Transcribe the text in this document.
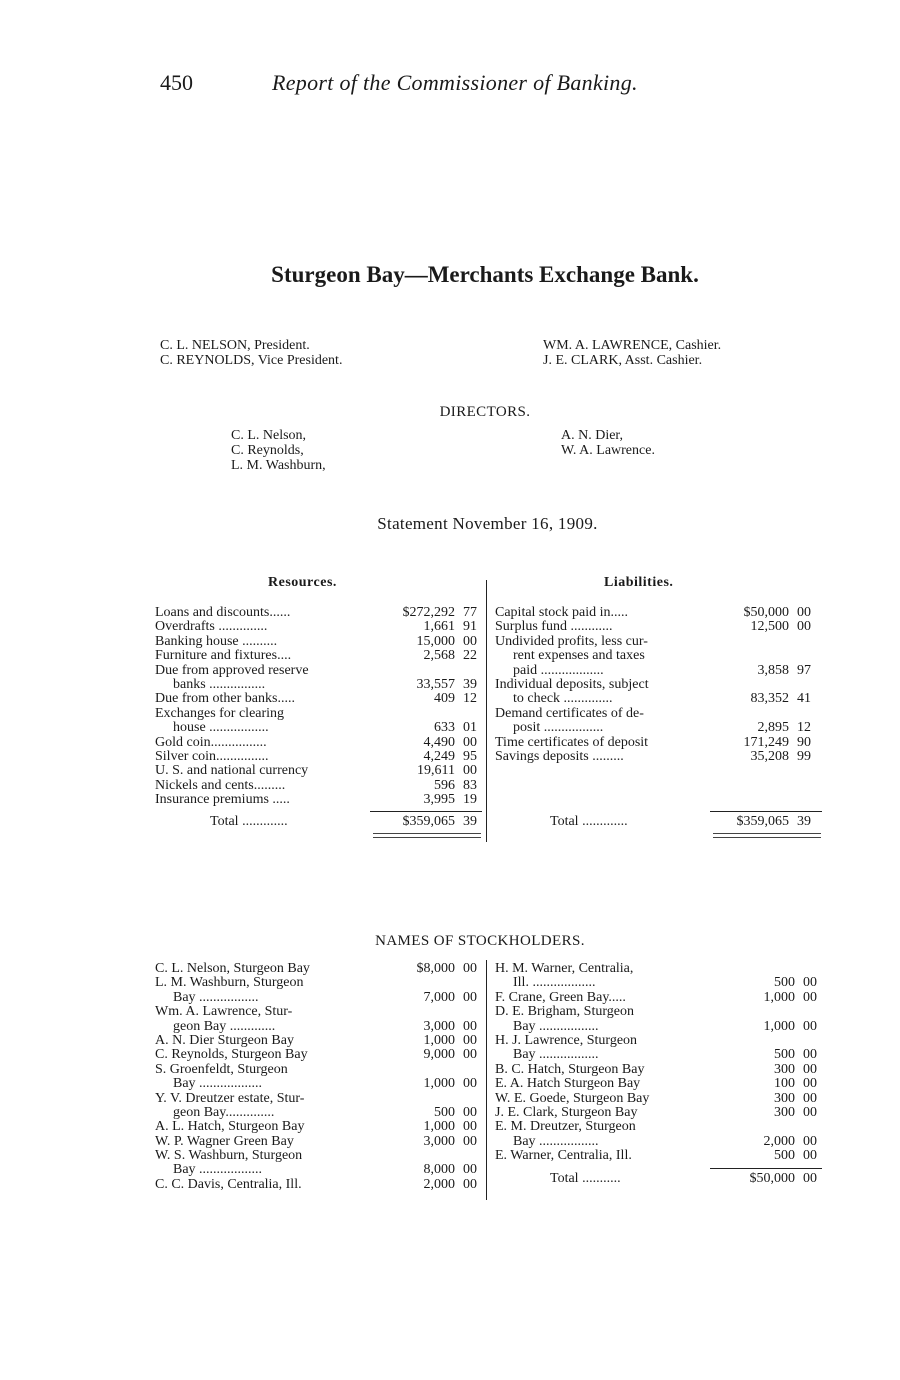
450	Report of the Commissioner of Banking.
Sturgeon Bay—Merchants Exchange Bank.
C. L. NELSON, President.
C. REYNOLDS, Vice President.
WM. A. LAWRENCE, Cashier.
J. E. CLARK, Asst. Cashier.
DIRECTORS.
C. L. Nelson,
C. Reynolds,
L. M. Washburn,
A. N. Dier,
W. A. Lawrence.
Statement November 16, 1909.
Resources.	Liabilities.
Loans and discounts......	$272,292 77
Overdrafts ..............	1,661 91
Banking house ..........	15,000 00
Furniture and fixtures....	2,568 22
Due from approved reserve
banks ................	33,557 39
Due from other banks.....	409 12
Exchanges for clearing
house .................	633 01
Gold coin................	4,490 00
Silver coin...............	4,249 95
U. S. and national currency	19,611 00
Nickels and cents.........	596 83
Insurance premiums .....	3,995 19
Total .............	$359,065 39
Capital stock paid in.....	$50,000 00
Surplus fund ............	12,500 00
Undivided profits, less cur-
rent expenses and taxes
paid ..................	3,858 97
Individual deposits, subject
to check ..............	83,352 41
Demand certificates of de-
posit .................	2,895 12
Time certificates of deposit	171,249 90
Savings deposits .........	35,208 99
Total .............	$359,065 39
NAMES OF STOCKHOLDERS.
C. L. Nelson, Sturgeon Bay	$8,000 00
L. M. Washburn, Sturgeon
Bay .................	7,000 00
Wm. A. Lawrence, Stur-
geon Bay .............	3,000 00
A. N. Dier Sturgeon Bay	1,000 00
C. Reynolds, Sturgeon Bay	9,000 00
S. Groenfeldt, Sturgeon
Bay ..................	1,000 00
Y. V. Dreutzer estate, Stur-
geon Bay..............	500 00
A. L. Hatch, Sturgeon Bay	1,000 00
W. P. Wagner Green Bay	3,000 00
W. S. Washburn, Sturgeon
Bay ..................	8,000 00
C. C. Davis, Centralia, Ill.	2,000 00
H. M. Warner, Centralia,
Ill. ..................	500 00
F. Crane, Green Bay.....	1,000 00
D. E. Brigham, Sturgeon
Bay .................	1,000 00
H. J. Lawrence, Sturgeon
Bay .................	500 00
B. C. Hatch, Sturgeon Bay	300 00
E. A. Hatch Sturgeon Bay	100 00
W. E. Goede, Sturgeon Bay	300 00
J. E. Clark, Sturgeon Bay	300 00
E. M. Dreutzer, Sturgeon
Bay .................	2,000 00
E. Warner, Centralia, Ill.	500 00
Total ...........	$50,000 00
